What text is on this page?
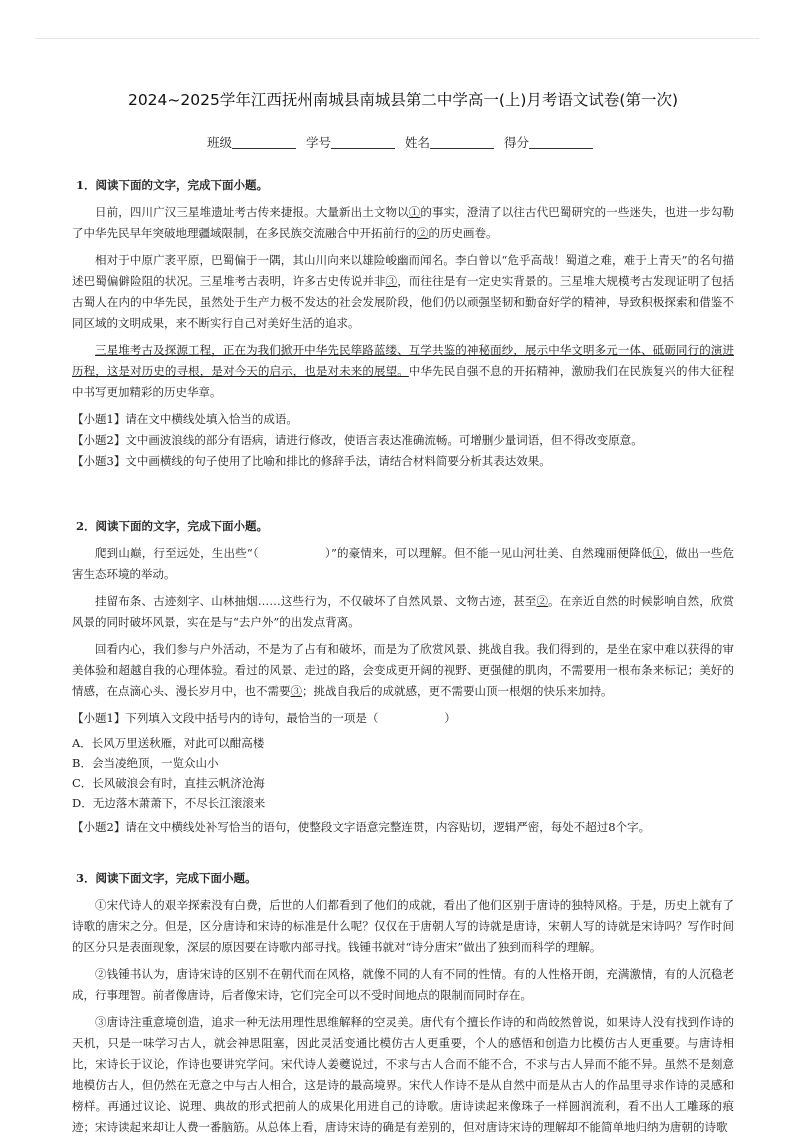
2024~2025学年江西抚州南城县南城县第二中学高一(上)月考语文试卷(第一次)
班级	学号	姓名	得分
1．阅读下面的文字，完成下面小题。

日前，四川广汉三星堆遗址考古传来捷报。大量新出土文物以①的事实，澄清了以往古代巴蜀研究的一些迷失，也进一步勾勒了中华先民早年突破地理疆域限制，在多民族交流融合中开拓前行的②的历史画卷。

相对于中原广袤平原，巴蜀偏于一隅，其山川向来以雄险峻幽而闻名。李白曾以“危乎高哉！蜀道之难，难于上青天”的名句描述巴蜀偏僻险阻的状况。三星堆考古表明，许多古史传说并非③，而往往是有一定史实背景的。三星堆大规模考古发现证明了包括古蜀人在内的中华先民，虽然处于生产力极不发达的社会发展阶段，他们仍以顽强坚韧和勤奋好学的精神，导致积极探索和借鉴不同区域的文明成果，来不断实行自己对美好生活的追求。

三星堆考古及探源工程，正在为我们掀开中华先民筚路蓝缕、互学共鉴的神秘面纱，展示中华文明多元一体、砥砺同行的演进历程，这是对历史的寻根，是对今天的启示，也是对未来的展望。中华先民自强不息的开拓精神，激励我们在民族复兴的伟大征程中书写更加精彩的历史华章。

【小题1】请在文中横线处填入恰当的成语。

【小题2】文中画波浪线的部分有语病，请进行修改，使语言表达准确流畅。可增删少量词语，但不得改变原意。

【小题3】文中画横线的句子使用了比喻和排比的修辞手法，请结合材料简要分析其表达效果。

2．阅读下面的文字，完成下面小题。

爬到山巅，行至远处，生出些“（	）”的豪情来，可以理解。但不能一见山河壮美、自然瑰丽便降低①，做出一些危害生态环境的举动。

挂留布条、古迹刻字、山林抽烟……这些行为，不仅破坏了自然风景、文物古迹，甚至②。在亲近自然的时候影响自然，欣赏风景的同时破坏风景，实在是与“去户外”的出发点背离。

回看内心，我们参与户外活动，不是为了占有和破坏，而是为了欣赏风景、挑战自我。我们得到的，是坐在家中难以获得的审美体验和超越自我的心理体验。看过的风景、走过的路，会变成更开阔的视野、更强健的肌肉，不需要用一根布条来标记；美好的情感，在点滴心头、漫长岁月中，也不需要③；挑战自我后的成就感，更不需要山顶一根烟的快乐来加持。

【小题1】下列填入文段中括号内的诗句，最恰当的一项是（	）

A．长风万里送秋雁，对此可以酣高楼

B．会当凌绝顶，一览众山小

C．长风破浪会有时，直挂云帆济沧海

D．无边落木萧萧下，不尽长江滚滚来

【小题2】请在文中横线处补写恰当的语句，使整段文字语意完整连贯，内容贴切，逻辑严密，每处不超过8个字。

3．阅读下面文字，完成下面小题。

①宋代诗人的艰辛探索没有白费，后世的人们都看到了他们的成就，看出了他们区别于唐诗的独特风格。于是，历史上就有了诗歌的唐宋之分。但是，区分唐诗和宋诗的标准是什么呢？仅仅在于唐朝人写的诗就是唐诗，宋朝人写的诗就是宋诗吗？写作时间的区分只是表面现象，深层的原因要在诗歌内部寻找。钱锺书就对“诗分唐宋”做出了独到而科学的理解。

②钱锺书认为，唐诗宋诗的区别不在朝代而在风格，就像不同的人有不同的性情。有的人性格开朗，充满激情，有的人沉稳老成，行事理智。前者像唐诗，后者像宋诗，它们完全可以不受时间地点的限制而同时存在。

③唐诗注重意境创造，追求一种无法用理性思维解释的空灵美。唐代有个擅长作诗的和尚皎然曾说，如果诗人没有找到作诗的天机，只是一味学习古人，就会神思阻塞，因此灵活变通比模仿古人更重要，个人的感悟和创造力比模仿古人更重要。与唐诗相比，宋诗长于议论，作诗也要讲究学问。宋代诗人姜夔说过，不求与古人合而不能不合，不求与古人异而不能不异。虽然不是刻意地模仿古人，但仍然在无意之中与古人相合，这是诗的最高境界。宋代人作诗不是从自然中而是从古人的作品里寻求作诗的灵感和榜样。再通过议论、说理、典故的形式把前人的成果化用进自己的诗歌。唐诗读起来像珠子一样圆润流利，看不出人工雕琢的痕迹；宋诗读起来却让人费一番脑筋。从总体上看，唐诗宋诗的确是有差别的，但对唐诗宋诗的理解却不能简单地归纳为唐朝的诗歌
